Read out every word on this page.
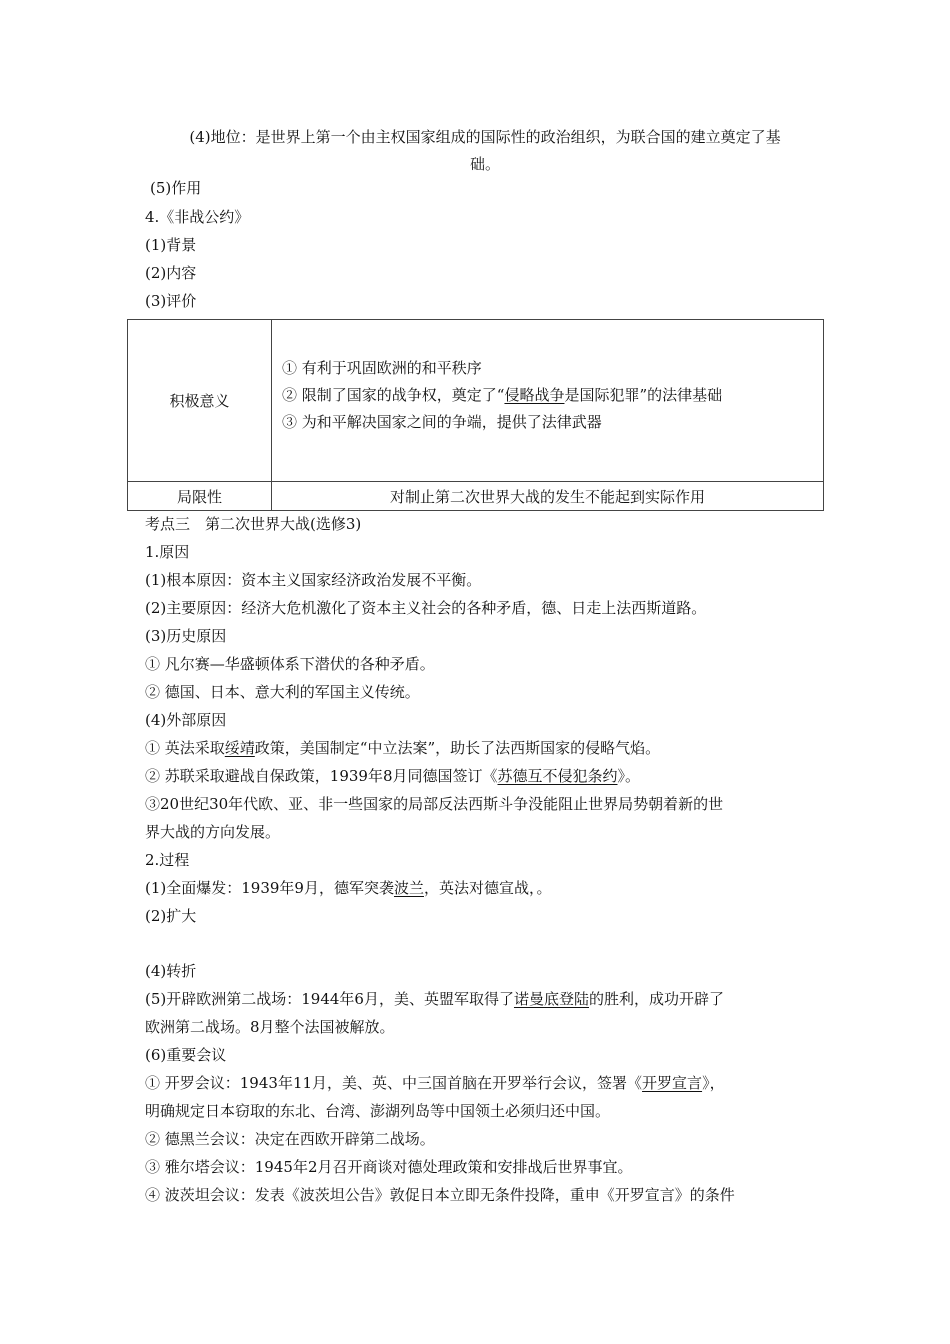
(4)地位：是世界上第一个由主权国家组成的国际性的政治组织，为联合国的建立奠定了基
础。
(5)作用
4.《非战公约》
(1)背景
(2)内容
(3)评价
积极意义	① 有利于巩固欧洲的和平秩序
② 限制了国家的战争权，奠定了“侵略战争是国际犯罪”的法律基础
③ 为和平解决国家之间的争端，提供了法律武器

局限性	对制止第二次世界大战的发生不能起到实际作用
考点三　第二次世界大战(选修3)
1.原因
(1)根本原因：资本主义国家经济政治发展不平衡。
(2)主要原因：经济大危机激化了资本主义社会的各种矛盾，德、日走上法西斯道路。
(3)历史原因
① 凡尔赛—华盛顿体系下潜伏的各种矛盾。
② 德国、日本、意大利的军国主义传统。
(4)外部原因
① 英法采取绥靖政策，美国制定“中立法案”，助长了法西斯国家的侵略气焰。
② 苏联采取避战自保政策，1939年8月同德国签订《苏德互不侵犯条约》。
③20世纪30年代欧、亚、非一些国家的局部反法西斯斗争没能阻止世界局势朝着新的世
界大战的方向发展。
2.过程
(1)全面爆发：1939年9月，德军突袭波兰，英法对德宣战，。
(2)扩大
(4)转折
(5)开辟欧洲第二战场：1944年6月，美、英盟军取得了诺曼底登陆的胜利，成功开辟了
欧洲第二战场。8月整个法国被解放。
(6)重要会议
① 开罗会议：1943年11月，美、英、中三国首脑在开罗举行会议，签署《开罗宣言》，
明确规定日本窃取的东北、台湾、澎湖列岛等中国领土必须归还中国。
② 德黑兰会议：决定在西欧开辟第二战场。
③ 雅尔塔会议：1945年2月召开商谈对德处理政策和安排战后世界事宜。
④ 波茨坦会议：发表《波茨坦公告》敦促日本立即无条件投降，重申《开罗宣言》的条件
